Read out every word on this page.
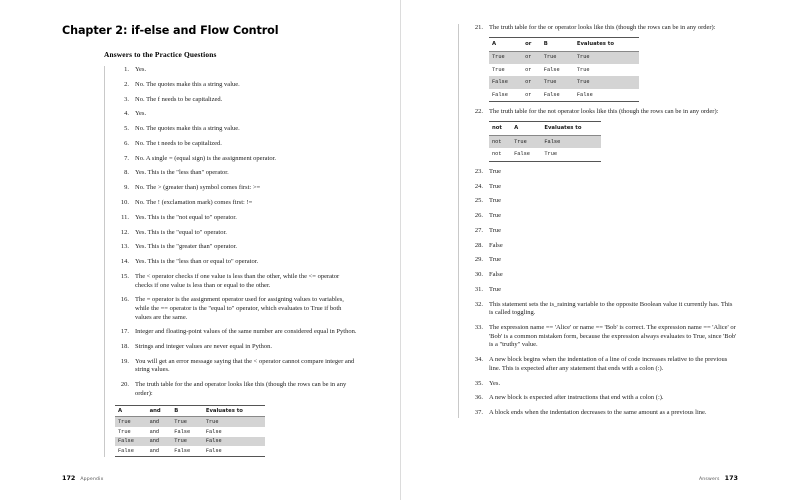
Chapter 2: if-else and Flow Control
Answers to the Practice Questions
1. Yes.
2. No. The quotes make this a string value.
3. No. The f needs to be capitalized.
4. Yes.
5. No. The quotes make this a string value.
6. No. The t needs to be capitalized.
7. No. A single = (equal sign) is the assignment operator.
8. Yes. This is the "less than" operator.
9. No. The > (greater than) symbol comes first: >=
10. No. The ! (exclamation mark) comes first: !=
11. Yes. This is the "not equal to" operator.
12. Yes. This is the "equal to" operator.
13. Yes. This is the "greater than" operator.
14. Yes. This is the "less than or equal to" operator.
15. The < operator checks if one value is less than the other, while the <= operator checks if one value is less than or equal to the other.
16. The = operator is the assignment operator used for assigning values to variables, while the == operator is the "equal to" operator, which evaluates to True if both values are the same.
17. Integer and floating-point values of the same number are considered equal in Python.
18. Strings and integer values are never equal in Python.
19. You will get an error message saying that the < operator cannot compare integer and string values.
20. The truth table for the and operator looks like this (though the rows can be in any order):
A	and	B	Evaluates to
True	and	True	True
True	and	False	False
False	and	True	False
False	and	False	False
172 Appendix
21. The truth table for the or operator looks like this (though the rows can be in any order):
A	or	B	Evaluates to
True	or	True	True
True	or	False	True
False	or	True	True
False	or	False	False
22. The truth table for the not operator looks like this (though the rows can be in any order):
not	A	Evaluates to
not	True	False
not	False	True
23. True
24. True
25. True
26. True
27. True
28. False
29. True
30. False
31. True
32. This statement sets the is_raining variable to the opposite Boolean value it currently has. This is called toggling.
33. The expression name == 'Alice' or name == 'Bob' is correct. The expression name == 'Alice' or 'Bob' is a common mistaken form, because the expression always evaluates to True, since 'Bob' is a "truthy" value.
34. A new block begins when the indentation of a line of code increases relative to the previous line. This is expected after any statement that ends with a colon (:).
35. Yes.
36. A new block is expected after instructions that end with a colon (:).
37. A block ends when the indentation decreases to the same amount as a previous line.
Answers 173
